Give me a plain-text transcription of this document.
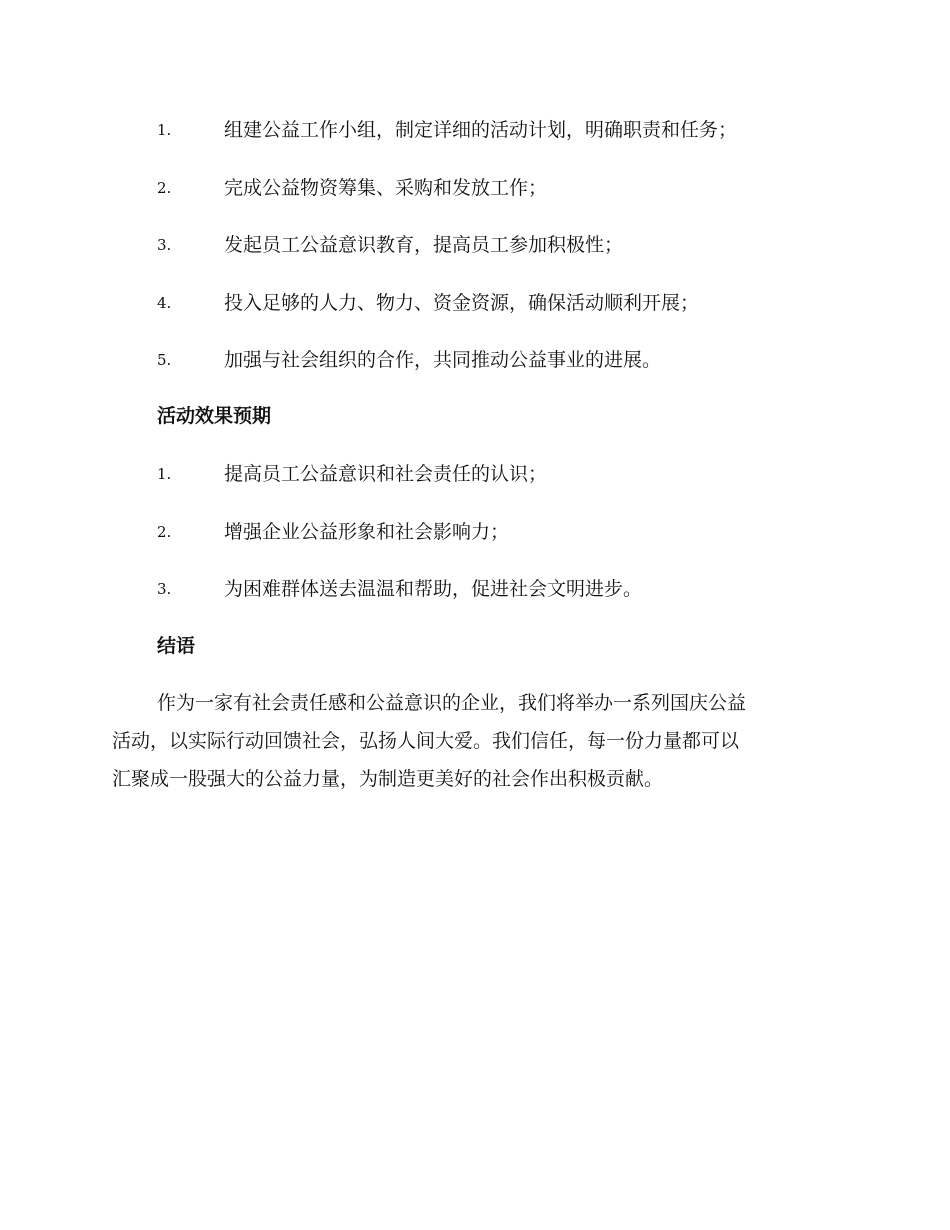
1.	组建公益工作小组，制定详细的活动计划，明确职责和任务；
2.	完成公益物资筹集、采购和发放工作；
3.	发起员工公益意识教育，提高员工参加积极性；
4.	投入足够的人力、物力、资金资源，确保活动顺利开展；
5.	加强与社会组织的合作，共同推动公益事业的进展。
活动效果预期
1.	提高员工公益意识和社会责任的认识；
2.	增强企业公益形象和社会影响力；
3.	为困难群体送去温温和帮助，促进社会文明进步。
结语

作为一家有社会责任感和公益意识的企业，我们将举办一系列国庆公益
活动，以实际行动回馈社会，弘扬人间大爱。我们信任，每一份力量都可以
汇聚成一股强大的公益力量，为制造更美好的社会作出积极贡献。
